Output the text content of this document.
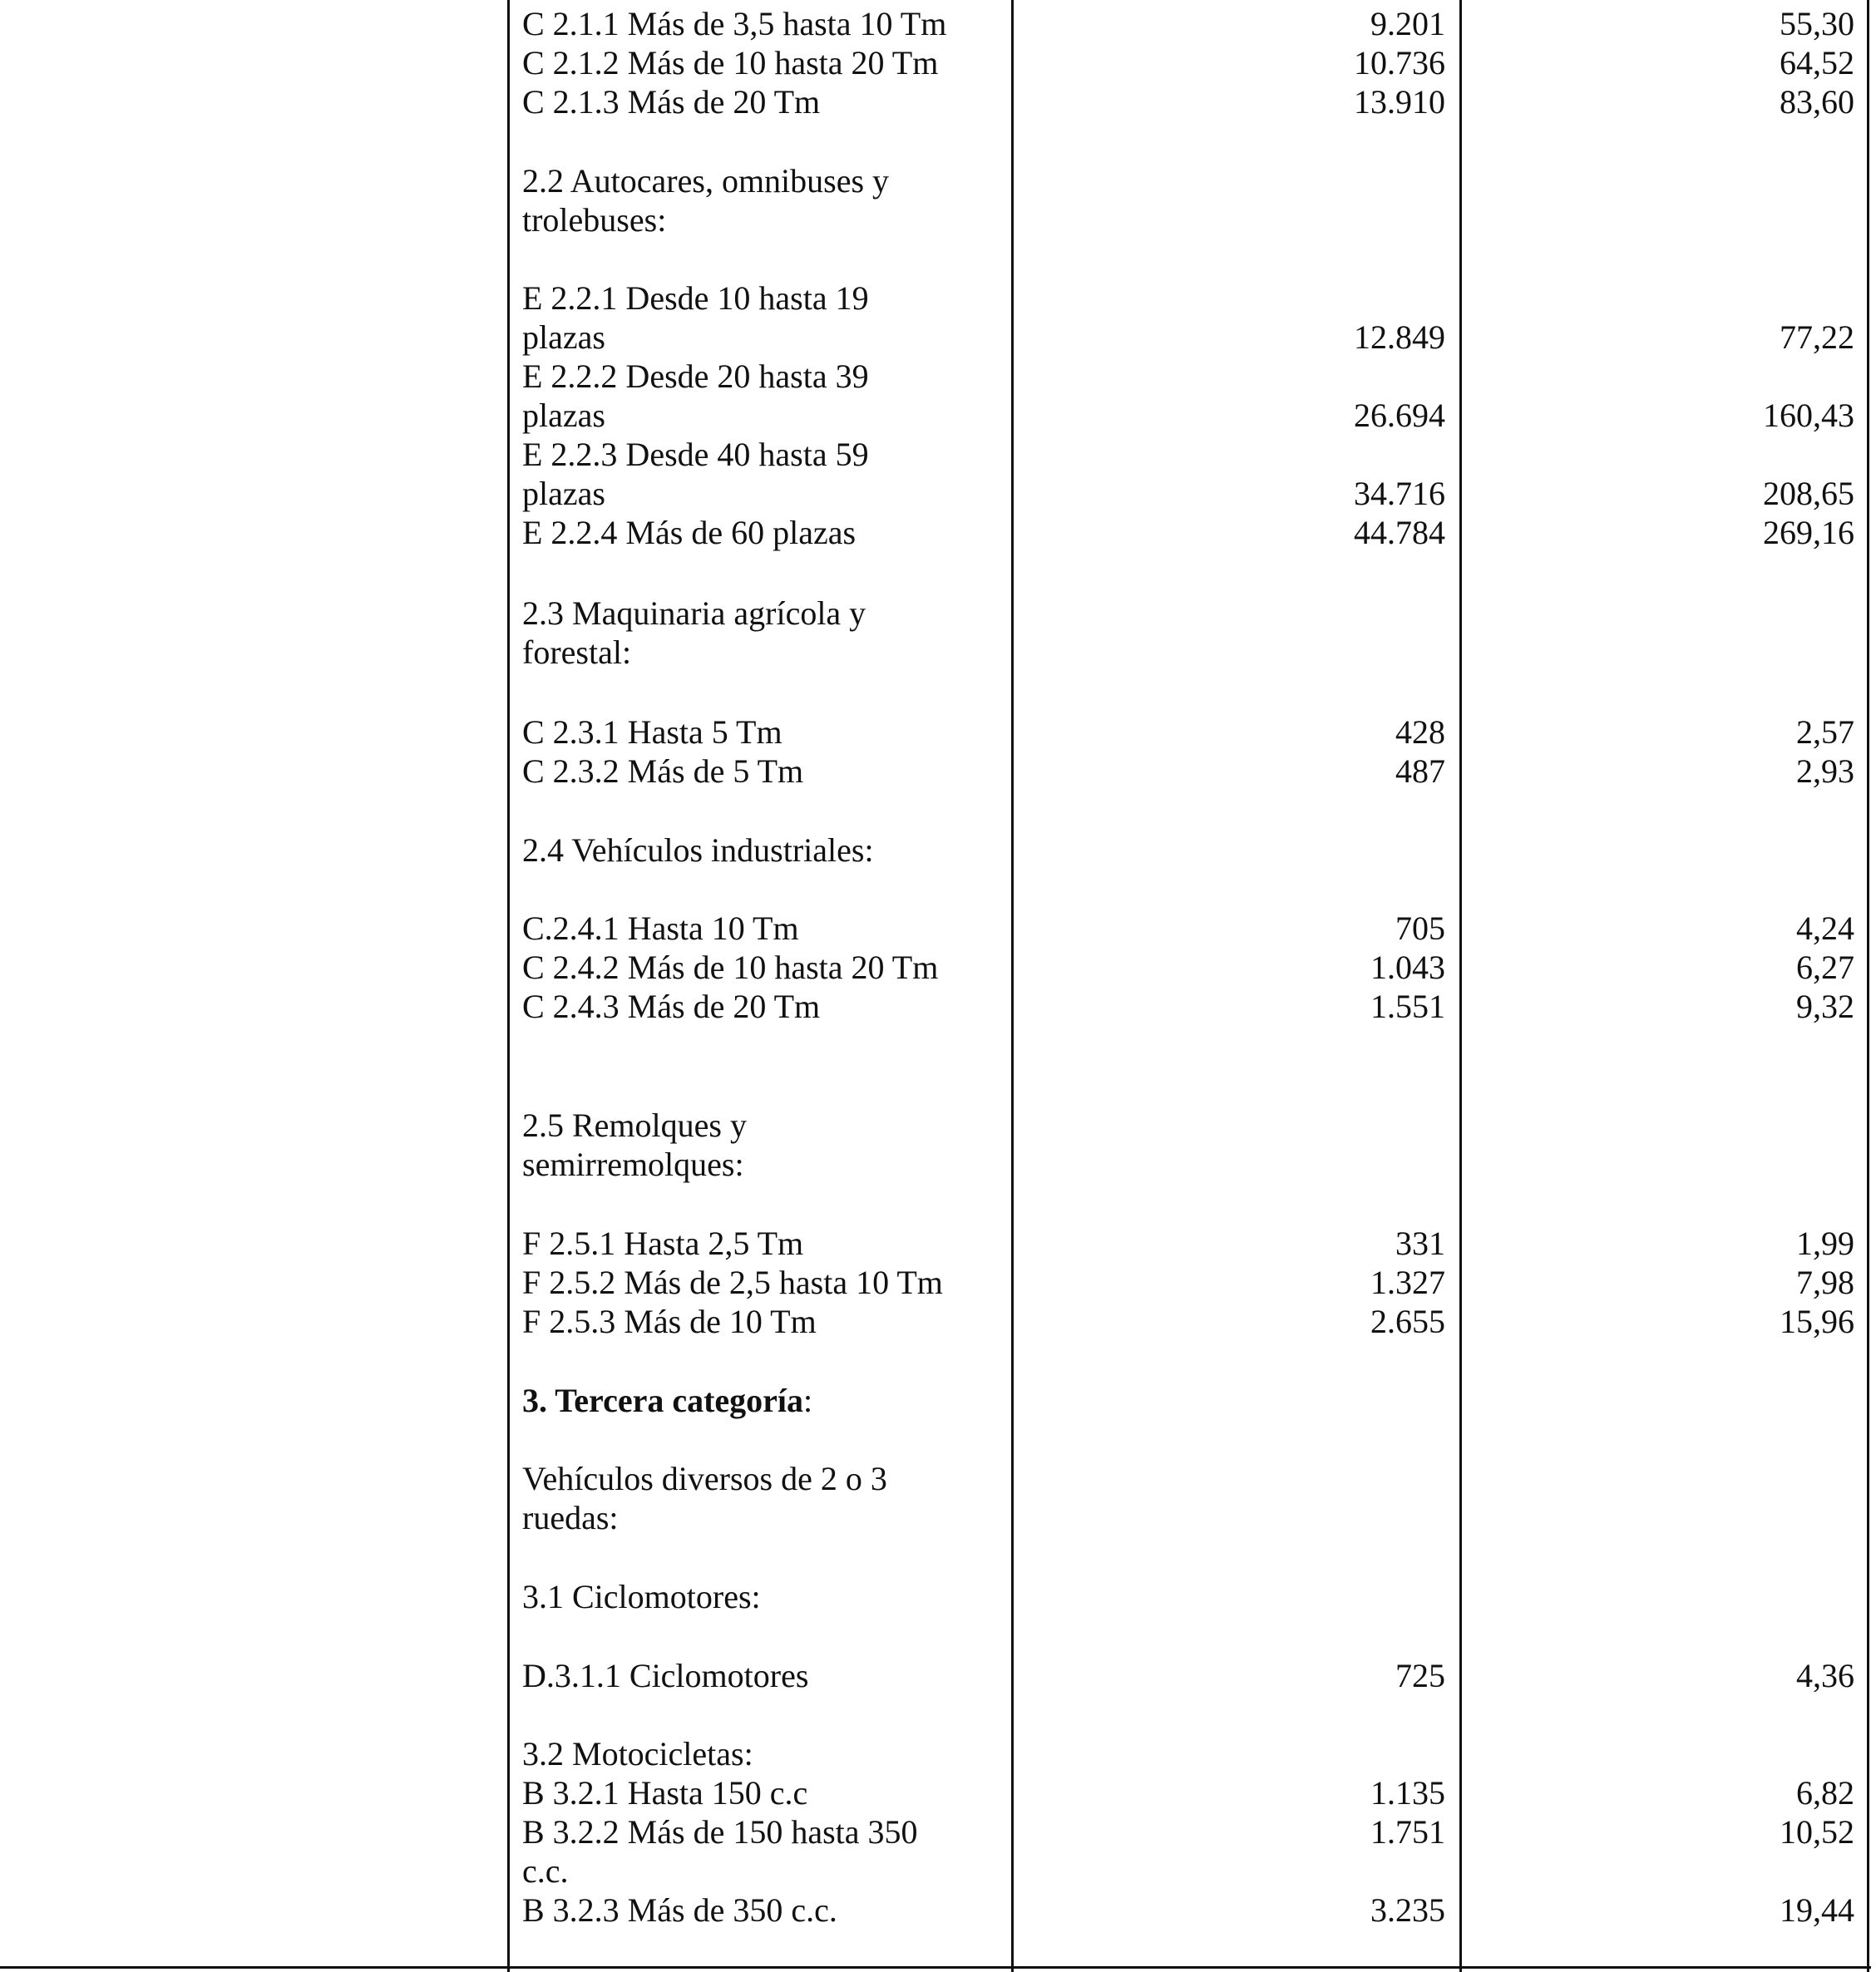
C 2.1.1 Más de 3,5 hasta 10 Tm	9.201	55,30
C 2.1.2 Más de 10 hasta 20 Tm	10.736	64,52
C 2.1.3 Más de 20 Tm	13.910	83,60
2.2 Autocares, omnibuses y
trolebuses:
E 2.2.1 Desde 10 hasta 19
plazas	12.849	77,22
E 2.2.2 Desde 20 hasta 39
plazas	26.694	160,43
E 2.2.3 Desde 40 hasta 59
plazas	34.716	208,65
E 2.2.4 Más de 60 plazas	44.784	269,16
2.3 Maquinaria agrícola y
forestal:
C 2.3.1 Hasta 5 Tm	428	2,57
C 2.3.2 Más de 5 Tm	487	2,93
2.4 Vehículos industriales:
C.2.4.1 Hasta 10 Tm	705	4,24
C 2.4.2 Más de 10 hasta 20 Tm	1.043	6,27
C 2.4.3 Más de 20 Tm	1.551	9,32
2.5 Remolques y
semirremolques:
F 2.5.1 Hasta 2,5 Tm	331	1,99
F 2.5.2 Más de 2,5 hasta 10 Tm	1.327	7,98
F 2.5.3 Más de 10 Tm	2.655	15,96
3. Tercera categoría:
Vehículos diversos de 2 o 3
ruedas:
3.1 Ciclomotores:
D.3.1.1 Ciclomotores	725	4,36
3.2 Motocicletas:
B 3.2.1 Hasta 150 c.c	1.135	6,82
B 3.2.2 Más de 150 hasta 350	1.751	10,52
c.c.
B 3.2.3 Más de 350 c.c.	3.235	19,44
